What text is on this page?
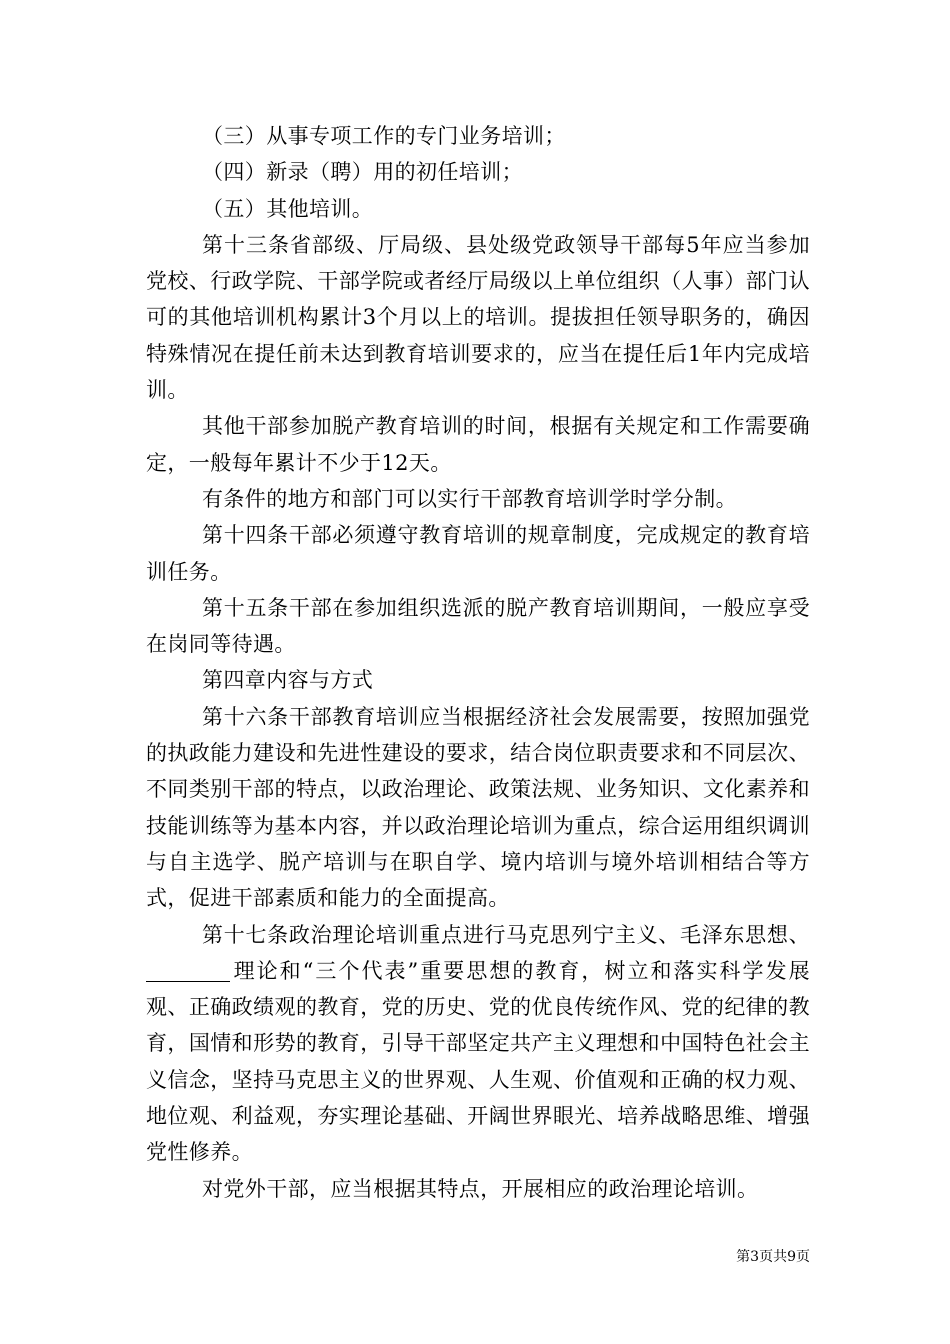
（三）从事专项工作的专门业务培训；

（四）新录（聘）用的初任培训；

（五）其他培训。

第十三条省部级、厅局级、县处级党政领导干部每5年应当参加党校、行政学院、干部学院或者经厅局级以上单位组织（人事）部门认可的其他培训机构累计3个月以上的培训。提拔担任领导职务的，确因特殊情况在提任前未达到教育培训要求的，应当在提任后1年内完成培训。

其他干部参加脱产教育培训的时间，根据有关规定和工作需要确定，一般每年累计不少于12天。

有条件的地方和部门可以实行干部教育培训学时学分制。

第十四条干部必须遵守教育培训的规章制度，完成规定的教育培训任务。

第十五条干部在参加组织选派的脱产教育培训期间，一般应享受在岗同等待遇。

第四章内容与方式

第十六条干部教育培训应当根据经济社会发展需要，按照加强党的执政能力建设和先进性建设的要求，结合岗位职责要求和不同层次、不同类别干部的特点，以政治理论、政策法规、业务知识、文化素养和技能训练等为基本内容，并以政治理论培训为重点，综合运用组织调训与自主选学、脱产培训与在职自学、境内培训与境外培训相结合等方式，促进干部素质和能力的全面提高。

第十七条政治理论培训重点进行马克思列宁主义、毛泽东思想、理论和“三个代表”重要思想的教育，树立和落实科学发展观、正确政绩观的教育，党的历史、党的优良传统作风、党的纪律的教育，国情和形势的教育，引导干部坚定共产主义理想和中国特色社会主义信念，坚持马克思主义的世界观、人生观、价值观和正确的权力观、地位观、利益观，夯实理论基础、开阔世界眼光、培养战略思维、增强党性修养。

对党外干部，应当根据其特点，开展相应的政治理论培训。

第3页共9页
